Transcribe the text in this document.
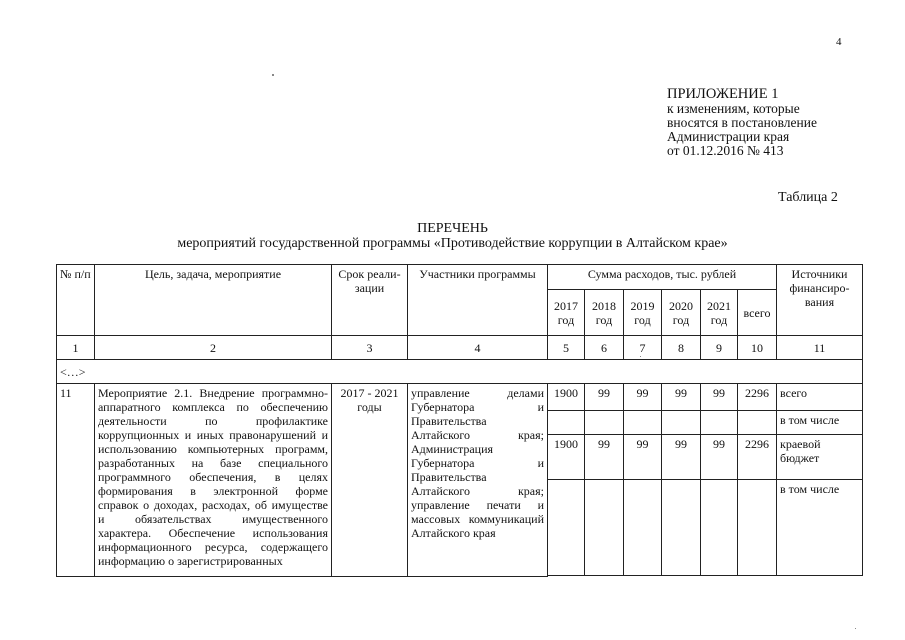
4
ПРИЛОЖЕНИЕ 1
к изменениям, которые
вносятся в постановление
Администрации края
от 01.12.2016 № 413
Таблица 2
ПЕРЕЧЕНЬ
мероприятий государственной программы «Противодействие коррупции в Алтайском крае»
№ п/п	Цель, задача, мероприятие	Срок реали-зации	Участники программы	Сумма расходов, тыс. рублей						Источники финансиро-вания
				2017 год	2018 год	2019 год	2020 год	2021 год	всего	
1	2	3	4	5	6	7	8	9	10	11
<…>										
11	Мероприятие 2.1. Внедрение программно-аппаратного комплекса по обеспечению деятельности по профилактике коррупционных и иных правонарушений и использованию компьютерных программ, разработанных на базе специального программного обеспечения, в целях формирования в электронной форме справок о доходах, расходах, об имуществе и обязательствах имущественного характера. Обеспечение использования информационного ресурса, содержащего информацию о зарегистрированных	2017 - 2021 годы	управление делами Губернатора и Правительства Алтайского края; Администрация Губернатора и Правительства Алтайского края; управление печати и массовых коммуникаций Алтайского края	1900	99	99	99	99	2296	всего
										в том числе
				1900	99	99	99	99	2296	краевой бюджет
										в том числе
